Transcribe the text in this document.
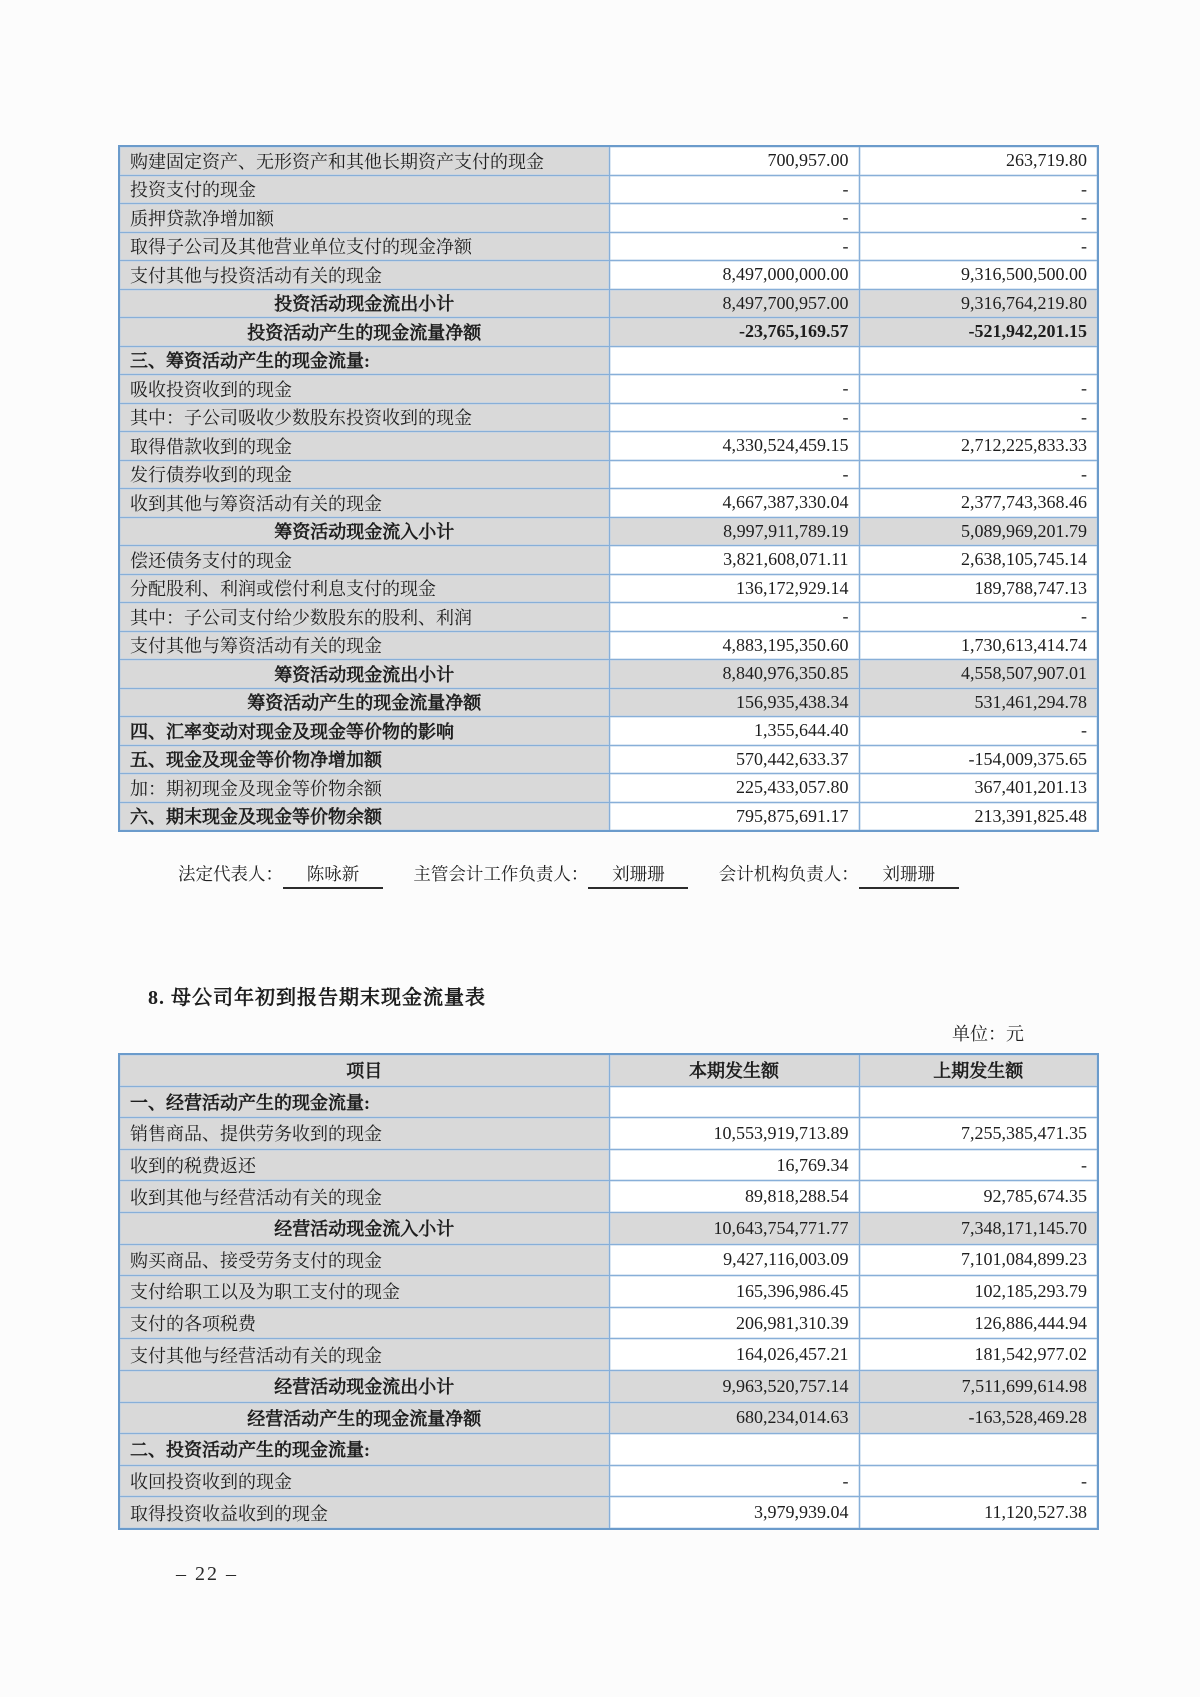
购建固定资产、无形资产和其他长期资产支付的现金	700,957.00	263,719.80
投资支付的现金	-	-
质押贷款净增加额	-	-
取得子公司及其他营业单位支付的现金净额	-	-
支付其他与投资活动有关的现金	8,497,000,000.00	9,316,500,500.00
投资活动现金流出小计	8,497,700,957.00	9,316,764,219.80
投资活动产生的现金流量净额	-23,765,169.57	-521,942,201.15
三、筹资活动产生的现金流量:		
吸收投资收到的现金	-	-
其中：子公司吸收少数股东投资收到的现金	-	-
取得借款收到的现金	4,330,524,459.15	2,712,225,833.33
发行债券收到的现金	-	-
收到其他与筹资活动有关的现金	4,667,387,330.04	2,377,743,368.46
筹资活动现金流入小计	8,997,911,789.19	5,089,969,201.79
偿还债务支付的现金	3,821,608,071.11	2,638,105,745.14
分配股利、利润或偿付利息支付的现金	136,172,929.14	189,788,747.13
其中：子公司支付给少数股东的股利、利润	-	-
支付其他与筹资活动有关的现金	4,883,195,350.60	1,730,613,414.74
筹资活动现金流出小计	8,840,976,350.85	4,558,507,907.01
筹资活动产生的现金流量净额	156,935,438.34	531,461,294.78
四、汇率变动对现金及现金等价物的影响	1,355,644.40	-
五、现金及现金等价物净增加额	570,442,633.37	-154,009,375.65
加：期初现金及现金等价物余额	225,433,057.80	367,401,201.13
六、期末现金及现金等价物余额	795,875,691.17	213,391,825.48
法定代表人： 陈咏新	主管会计工作负责人： 刘珊珊	会计机构负责人： 刘珊珊
8. 母公司年初到报告期末现金流量表
单位：元
项目	本期发生额	上期发生额
一、经营活动产生的现金流量:		
销售商品、提供劳务收到的现金	10,553,919,713.89	7,255,385,471.35
收到的税费返还	16,769.34	-
收到其他与经营活动有关的现金	89,818,288.54	92,785,674.35
经营活动现金流入小计	10,643,754,771.77	7,348,171,145.70
购买商品、接受劳务支付的现金	9,427,116,003.09	7,101,084,899.23
支付给职工以及为职工支付的现金	165,396,986.45	102,185,293.79
支付的各项税费	206,981,310.39	126,886,444.94
支付其他与经营活动有关的现金	164,026,457.21	181,542,977.02
经营活动现金流出小计	9,963,520,757.14	7,511,699,614.98
经营活动产生的现金流量净额	680,234,014.63	-163,528,469.28
二、投资活动产生的现金流量:		
收回投资收到的现金	-	-
取得投资收益收到的现金	3,979,939.04	11,120,527.38
– 22 –
